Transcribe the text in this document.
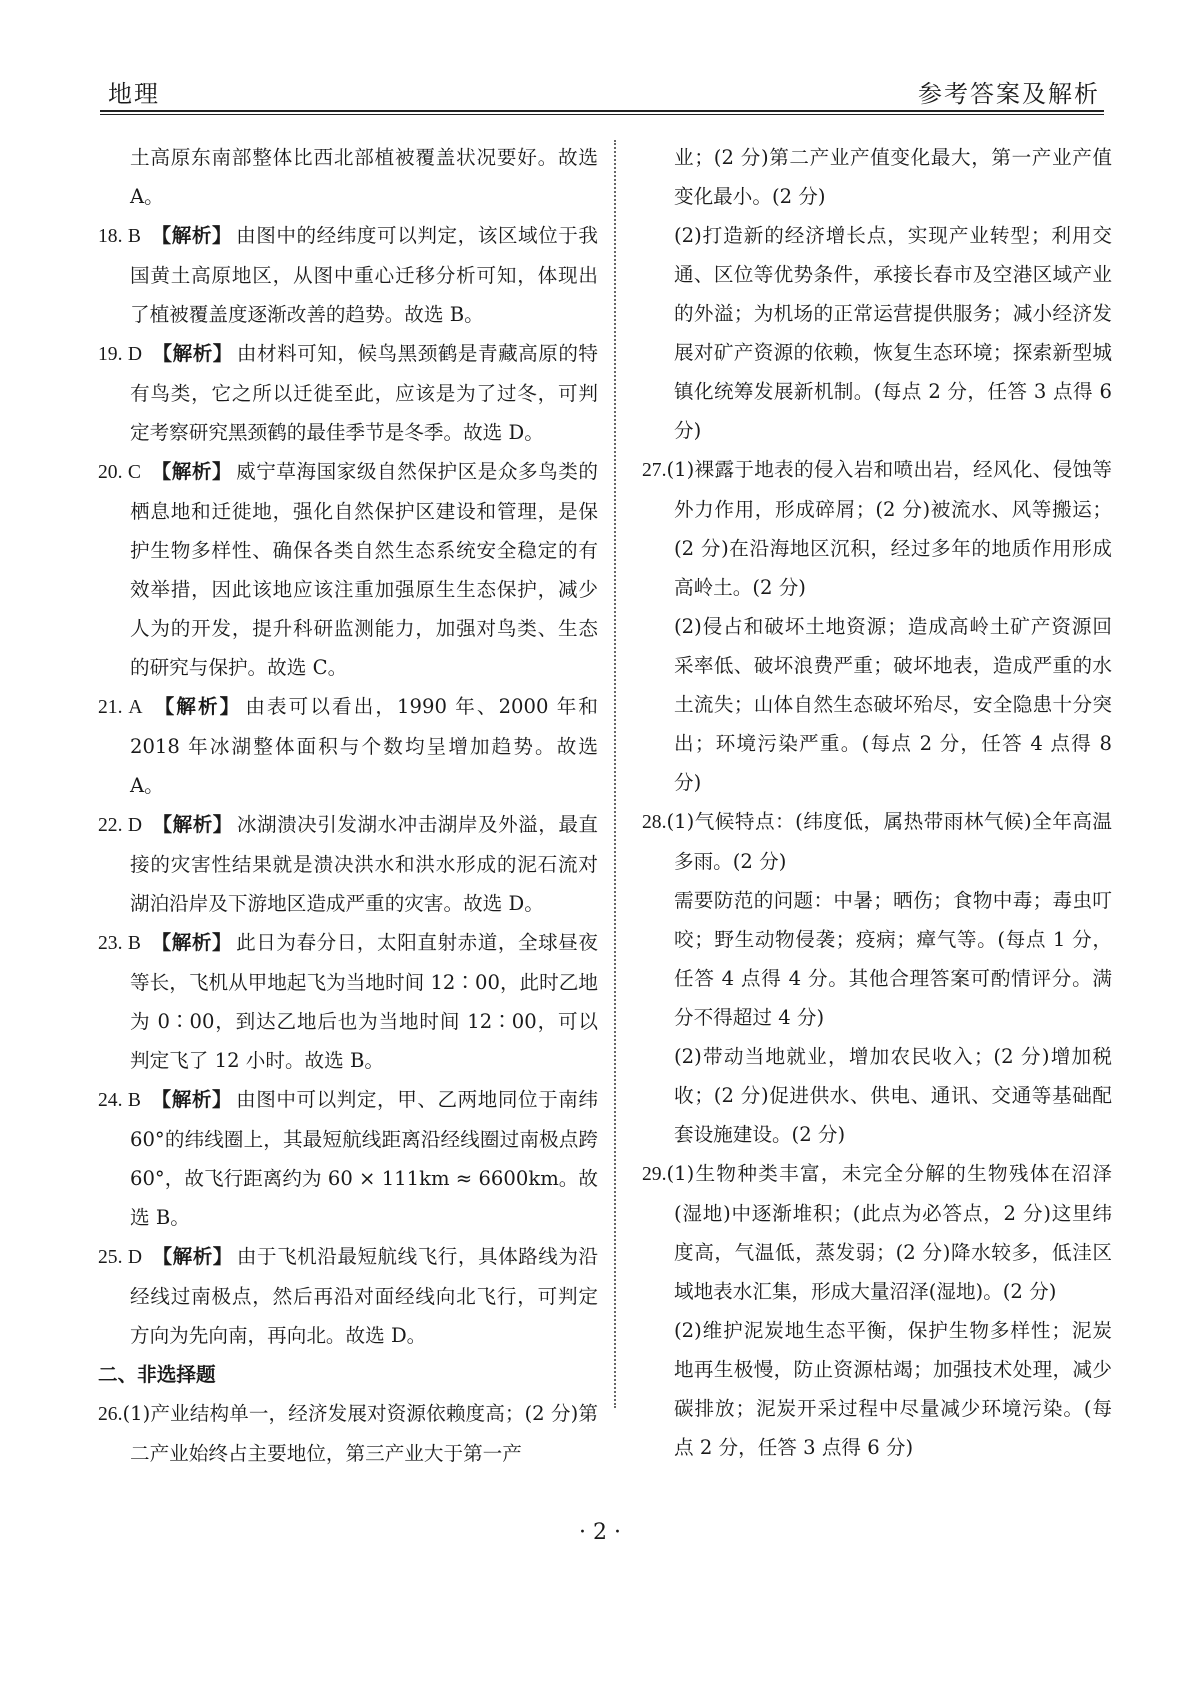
地理	参考答案及解析
土高原东南部整体比西北部植被覆盖状况要好。故选 A。
18. B 【解析】 由图中的经纬度可以判定，该区域位于我国黄土高原地区，从图中重心迁移分析可知，体现出了植被覆盖度逐渐改善的趋势。故选 B。
19. D 【解析】 由材料可知，候鸟黑颈鹤是青藏高原的特有鸟类，它之所以迁徙至此，应该是为了过冬，可判定考察研究黑颈鹤的最佳季节是冬季。故选 D。
20. C 【解析】 威宁草海国家级自然保护区是众多鸟类的栖息地和迁徙地，强化自然保护区建设和管理，是保护生物多样性、确保各类自然生态系统安全稳定的有效举措，因此该地应该注重加强原生生态保护，减少人为的开发，提升科研监测能力，加强对鸟类、生态的研究与保护。故选 C。
21. A 【解析】 由表可以看出，1990 年、2000 年和 2018 年冰湖整体面积与个数均呈增加趋势。故选 A。
22. D 【解析】 冰湖溃决引发湖水冲击湖岸及外溢，最直接的灾害性结果就是溃决洪水和洪水形成的泥石流对湖泊沿岸及下游地区造成严重的灾害。故选 D。
23. B 【解析】 此日为春分日，太阳直射赤道，全球昼夜等长，飞机从甲地起飞为当地时间 12∶00，此时乙地为 0∶00，到达乙地后也为当地时间 12∶00，可以判定飞了 12 小时。故选 B。
24. B 【解析】 由图中可以判定，甲、乙两地同位于南纬 60°的纬线圈上，其最短航线距离沿经线圈过南极点跨 60°，故飞行距离约为 60 × 111km ≈ 6600km。故选 B。
25. D 【解析】 由于飞机沿最短航线飞行，具体路线为沿经线过南极点，然后再沿对面经线向北飞行，可判定方向为先向南，再向北。故选 D。
二、非选择题
26.(1)产业结构单一，经济发展对资源依赖度高；(2 分)第二产业始终占主要地位，第三产业大于第一产
业；(2 分)第二产业产值变化最大，第一产业产值变化最小。(2 分)
(2)打造新的经济增长点，实现产业转型；利用交通、区位等优势条件，承接长春市及空港区域产业的外溢；为机场的正常运营提供服务；减小经济发展对矿产资源的依赖，恢复生态环境；探索新型城镇化统筹发展新机制。(每点 2 分，任答 3 点得 6 分)
27.(1)裸露于地表的侵入岩和喷出岩，经风化、侵蚀等外力作用，形成碎屑；(2 分)被流水、风等搬运；(2 分)在沿海地区沉积，经过多年的地质作用形成高岭土。(2 分)
(2)侵占和破坏土地资源；造成高岭土矿产资源回采率低、破坏浪费严重；破坏地表，造成严重的水土流失；山体自然生态破坏殆尽，安全隐患十分突出；环境污染严重。(每点 2 分，任答 4 点得 8 分)
28.(1)气候特点：(纬度低，属热带雨林气候)全年高温多雨。(2 分)
需要防范的问题：中暑；晒伤；食物中毒；毒虫叮咬；野生动物侵袭；疫病；瘴气等。(每点 1 分，任答 4 点得 4 分。其他合理答案可酌情评分。满分不得超过 4 分)
(2)带动当地就业，增加农民收入；(2 分)增加税收；(2 分)促进供水、供电、通讯、交通等基础配套设施建设。(2 分)
29.(1)生物种类丰富，未完全分解的生物残体在沼泽(湿地)中逐渐堆积；(此点为必答点，2 分)这里纬度高，气温低，蒸发弱；(2 分)降水较多，低洼区域地表水汇集，形成大量沼泽(湿地)。(2 分)
(2)维护泥炭地生态平衡，保护生物多样性；泥炭地再生极慢，防止资源枯竭；加强技术处理，减少碳排放；泥炭开采过程中尽量减少环境污染。(每点 2 分，任答 3 点得 6 分)
· 2 ·
